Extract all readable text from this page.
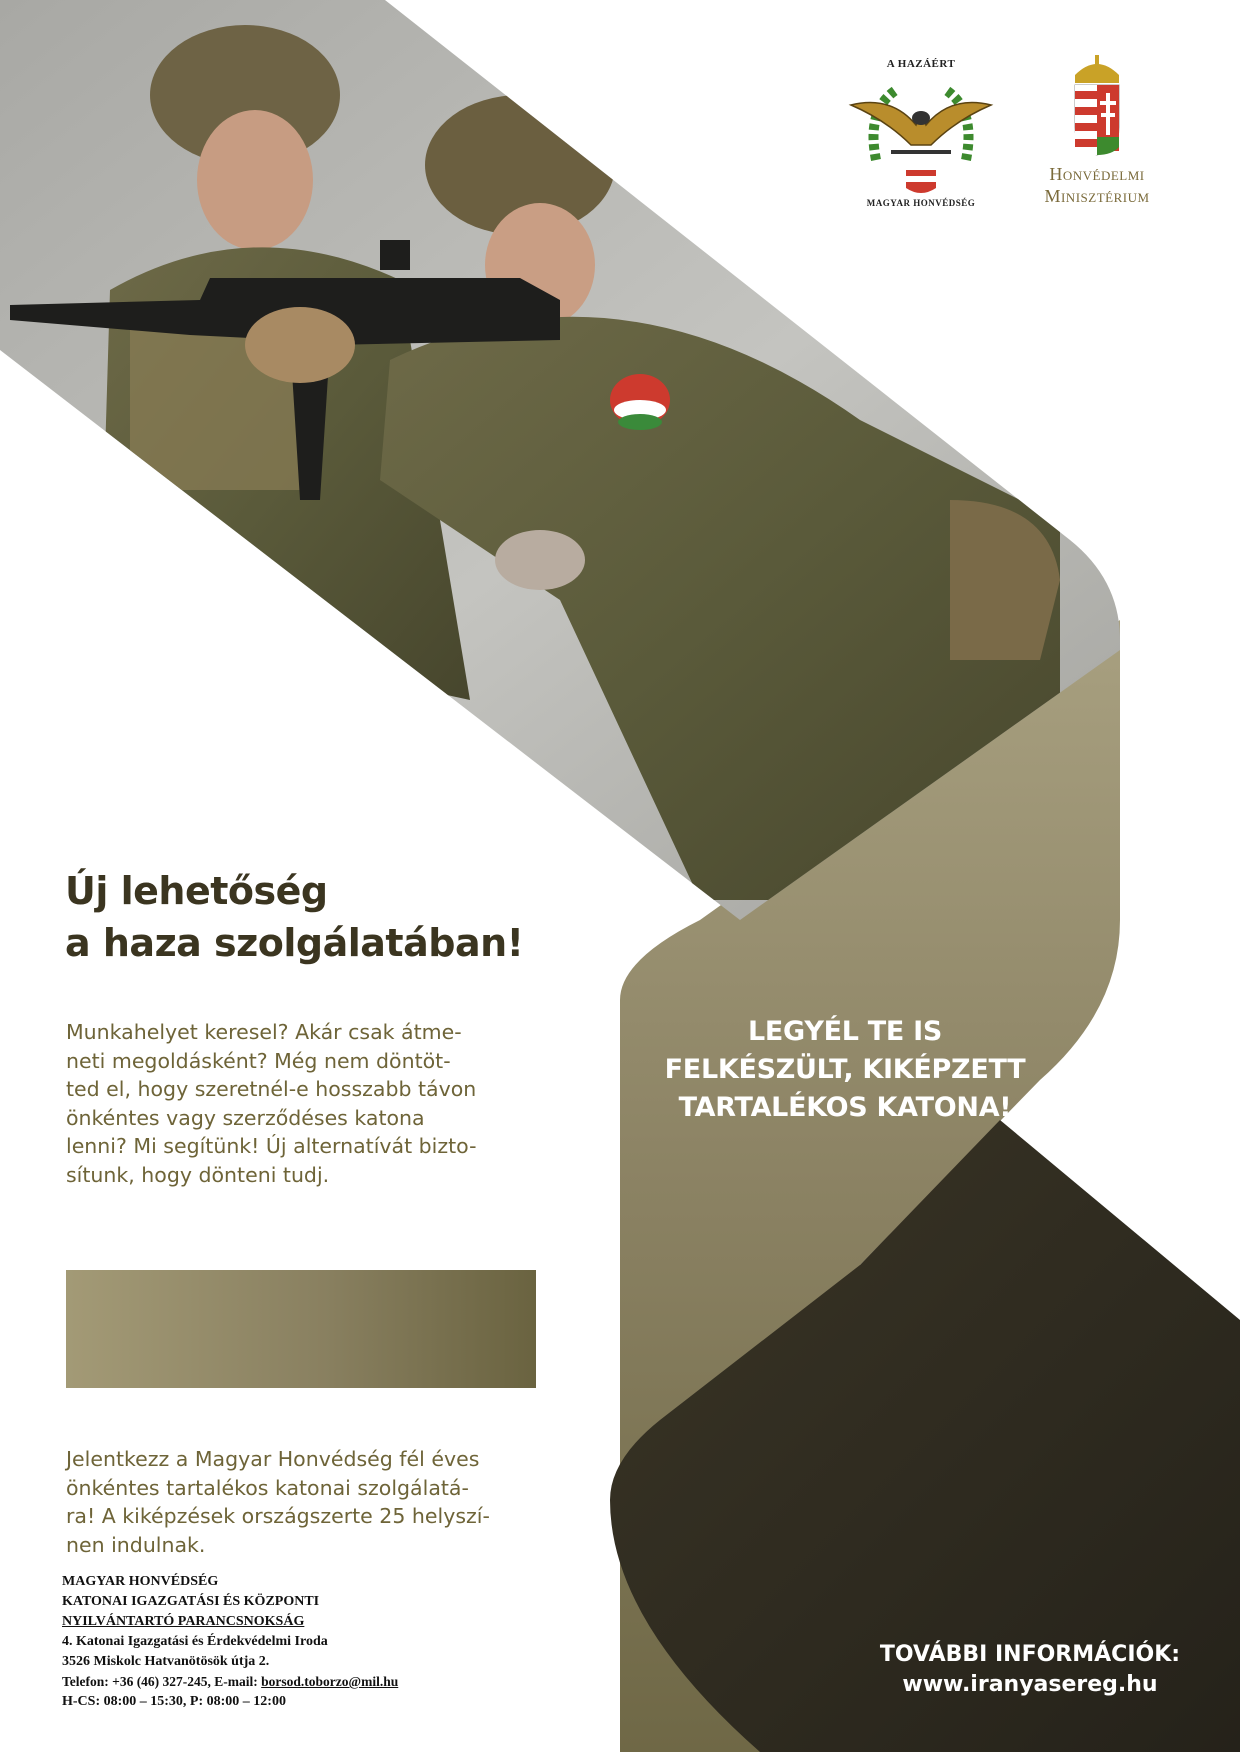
A HAZÁÉRT
MAGYAR HONVÉDSÉG
Honvédelmi
Minisztérium
Új lehetőség
a haza szolgálatában!
Munkahelyet keresel? Akár csak átme-
neti megoldásként? Még nem döntöt-
ted el, hogy szeretnél-e hosszabb távon
önkéntes vagy szerződéses katona
lenni? Mi segítünk! Új alternatívát bizto-
sítunk, hogy dönteni tudj.
Jelentkezz a Magyar Honvédség fél éves
önkéntes tartalékos katonai szolgálatá-
ra! A kiképzések országszerte 25 helyszí-
nen indulnak.
MAGYAR HONVÉDSÉG
KATONAI IGAZGATÁSI ÉS KÖZPONTI
NYILVÁNTARTÓ PARANCSNOKSÁG
4. Katonai Igazgatási és Érdekvédelmi Iroda
3526 Miskolc Hatvanötösök útja 2.
Telefon: +36 (46) 327-245, E-mail: borsod.toborzo@mil.hu
H-CS: 08:00 – 15:30, P: 08:00 – 12:00
LEGYÉL TE IS
FELKÉSZÜLT, KIKÉPZETT
TARTALÉKOS KATONA!
TOVÁBBI INFORMÁCIÓK:
www.iranyasereg.hu
